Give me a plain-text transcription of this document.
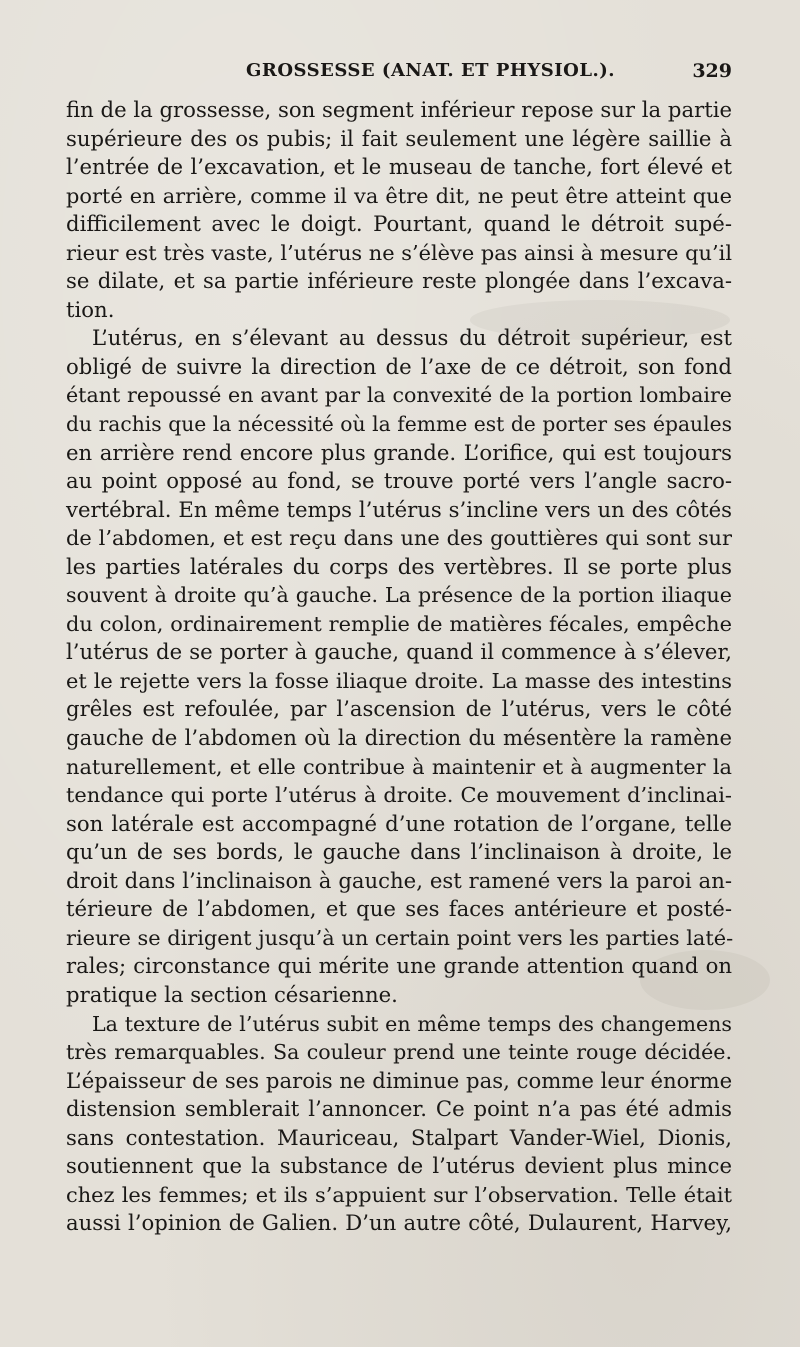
GROSSESSE (ANAT. ET PHYSIOL.).	329
fin de la grossesse, son segment inférieur repose sur la partie
supérieure des os pubis; il fait seulement une légère saillie à
l’entrée de l’excavation, et le museau de tanche, fort élevé et
porté en arrière, comme il va être dit, ne peut être atteint que
difficilement avec le doigt. Pourtant, quand le détroit supé-
rieur est très vaste, l’utérus ne s’élève pas ainsi à mesure qu’il
se dilate, et sa partie inférieure reste plongée dans l’excava-
tion.
L’utérus, en s’élevant au dessus du détroit supérieur, est
obligé de suivre la direction de l’axe de ce détroit, son fond
étant repoussé en avant par la convexité de la portion lombaire
du rachis que la nécessité où la femme est de porter ses épaules
en arrière rend encore plus grande. L’orifice, qui est toujours
au point opposé au fond, se trouve porté vers l’angle sacro-
vertébral. En même temps l’utérus s’incline vers un des côtés
de l’abdomen, et est reçu dans une des gouttières qui sont sur
les parties latérales du corps des vertèbres. Il se porte plus
souvent à droite qu’à gauche. La présence de la portion iliaque
du colon, ordinairement remplie de matières fécales, empêche
l’utérus de se porter à gauche, quand il commence à s’élever,
et le rejette vers la fosse iliaque droite. La masse des intestins
grêles est refoulée, par l’ascension de l’utérus, vers le côté
gauche de l’abdomen où la direction du mésentère la ramène
naturellement, et elle contribue à maintenir et à augmenter la
tendance qui porte l’utérus à droite. Ce mouvement d’inclinai-
son latérale est accompagné d’une rotation de l’organe, telle
qu’un de ses bords, le gauche dans l’inclinaison à droite, le
droit dans l’inclinaison à gauche, est ramené vers la paroi an-
térieure de l’abdomen, et que ses faces antérieure et posté-
rieure se dirigent jusqu’à un certain point vers les parties laté-
rales; circonstance qui mérite une grande attention quand on
pratique la section césarienne.
La texture de l’utérus subit en même temps des changemens
très remarquables. Sa couleur prend une teinte rouge décidée.
L’épaisseur de ses parois ne diminue pas, comme leur énorme
distension semblerait l’annoncer. Ce point n’a pas été admis
sans contestation. Mauriceau, Stalpart Vander-Wiel, Dionis,
soutiennent que la substance de l’utérus devient plus mince
chez les femmes; et ils s’appuient sur l’observation. Telle était
aussi l’opinion de Galien. D’un autre côté, Dulaurent, Harvey,
